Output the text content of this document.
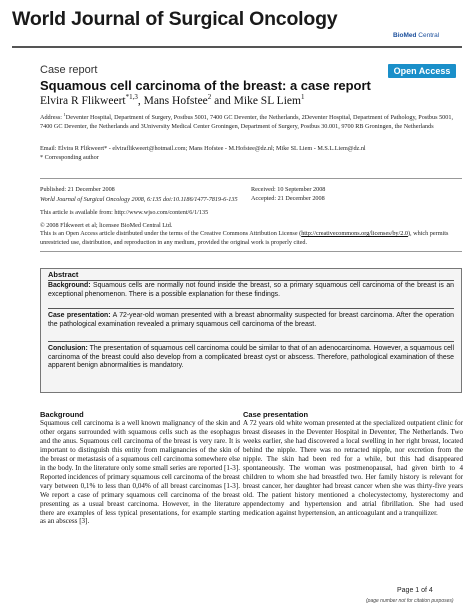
World Journal of Surgical Oncology
BioMed Central
Case report	Open Access
Squamous cell carcinoma of the breast: a case report
Elvira R Flikweert$^{*1,3}$, Mans Hofstee$^2$ and Mike SL Liem$^1$
Address: $^1$Deventer Hospital, Department of Surgery, Postbus 5001, 7400 GC Deventer, the Netherlands, 2Deventer Hospital, Department of Pathology, Postbus 5001, 7400 GC Deventer, the Netherlands and 3University Medical Center Groningen, Department of Surgery, Postbus 30.001, 9700 RB Groningen, the Netherlands
Email: Elvira R Flikweert* - elviraflikweert@hotmail.com; Mans Hofstee - M.Hofstee@dz.nl; Mike SL Liem - M.S.L.Liem@dz.nl
* Corresponding author
Published: 21 December 2008
World Journal of Surgical Oncology 2008, 6:135 doi:10.1186/1477-7819-6-135
Received: 10 September 2008
Accepted: 21 December 2008
This article is available from: http://www.wjso.com/content/6/1/135
© 2008 Flikweert et al; licensee BioMed Central Ltd.
This is an Open Access article distributed under the terms of the Creative Commons Attribution License (http://creativecommons.org/licenses/by/2.0), which permits unrestricted use, distribution, and reproduction in any medium, provided the original work is properly cited.
Abstract
Background: Squamous cells are normally not found inside the breast, so a primary squamous cell carcinoma of the breast is an exceptional phenomenon. There is a possible explanation for these findings.
Case presentation: A 72-year-old woman presented with a breast abnormality suspected for breast carcinoma. After the operation the pathological examination revealed a primary squamous cell carcinoma of the breast.
Conclusion: The presentation of squamous cell carcinoma could be similar to that of an adenocarcinoma. However, a squamous cell carcinoma of the breast could also develop from a complicated breast cyst or abscess. Therefore, pathological examination of these apparent benign abnormalities is mandatory.
Background
Squamous cell carcinoma is a well known malignancy of the skin and other organs surrounded with squamous cells such as the esophagus and the anus. Squamous cell carcinoma of the breast is very rare. It is important to distinguish this entity from malignancies of the skin of the breast or metastasis of a squamous cell carcinoma somewhere else in the body. In the literature only some small series are reported [1-3]. Reported incidences of primary squamous cell carcinoma of the breast vary between 0,1% to less than 0,04% of all breast carcinomas [1-3]. We report a case of primary squamous cell carcinoma of the breast presenting as a usual breast carcinoma. However, in the literature there are examples of less typical presentations, for example starting as an abscess [3].
Case presentation
A 72 years old white woman presented at the specialized outpatient clinic for breast diseases in the Deventer Hospital in Deventer, The Netherlands. Two weeks earlier, she had discovered a local swelling in her right breast, located behind the nipple. There was no retracted nipple, nor excretion from the nipple. The skin had been red for a while, but this had disappeared spontaneously. The woman was postmenopausal, had given birth to 4 children to whom she had breastfed two. Her family history is relevant for breast cancer, her daughter had breast cancer when she was thirty-five years old. The patient history mentioned a cholecystectomy, hysterectomy and appendectomy and hypertension and atrial fibrillation. She had used medication against hypertension, an anticoagulant and a tranquilizer.
Page 1 of 4
(page number not for citation purposes)
